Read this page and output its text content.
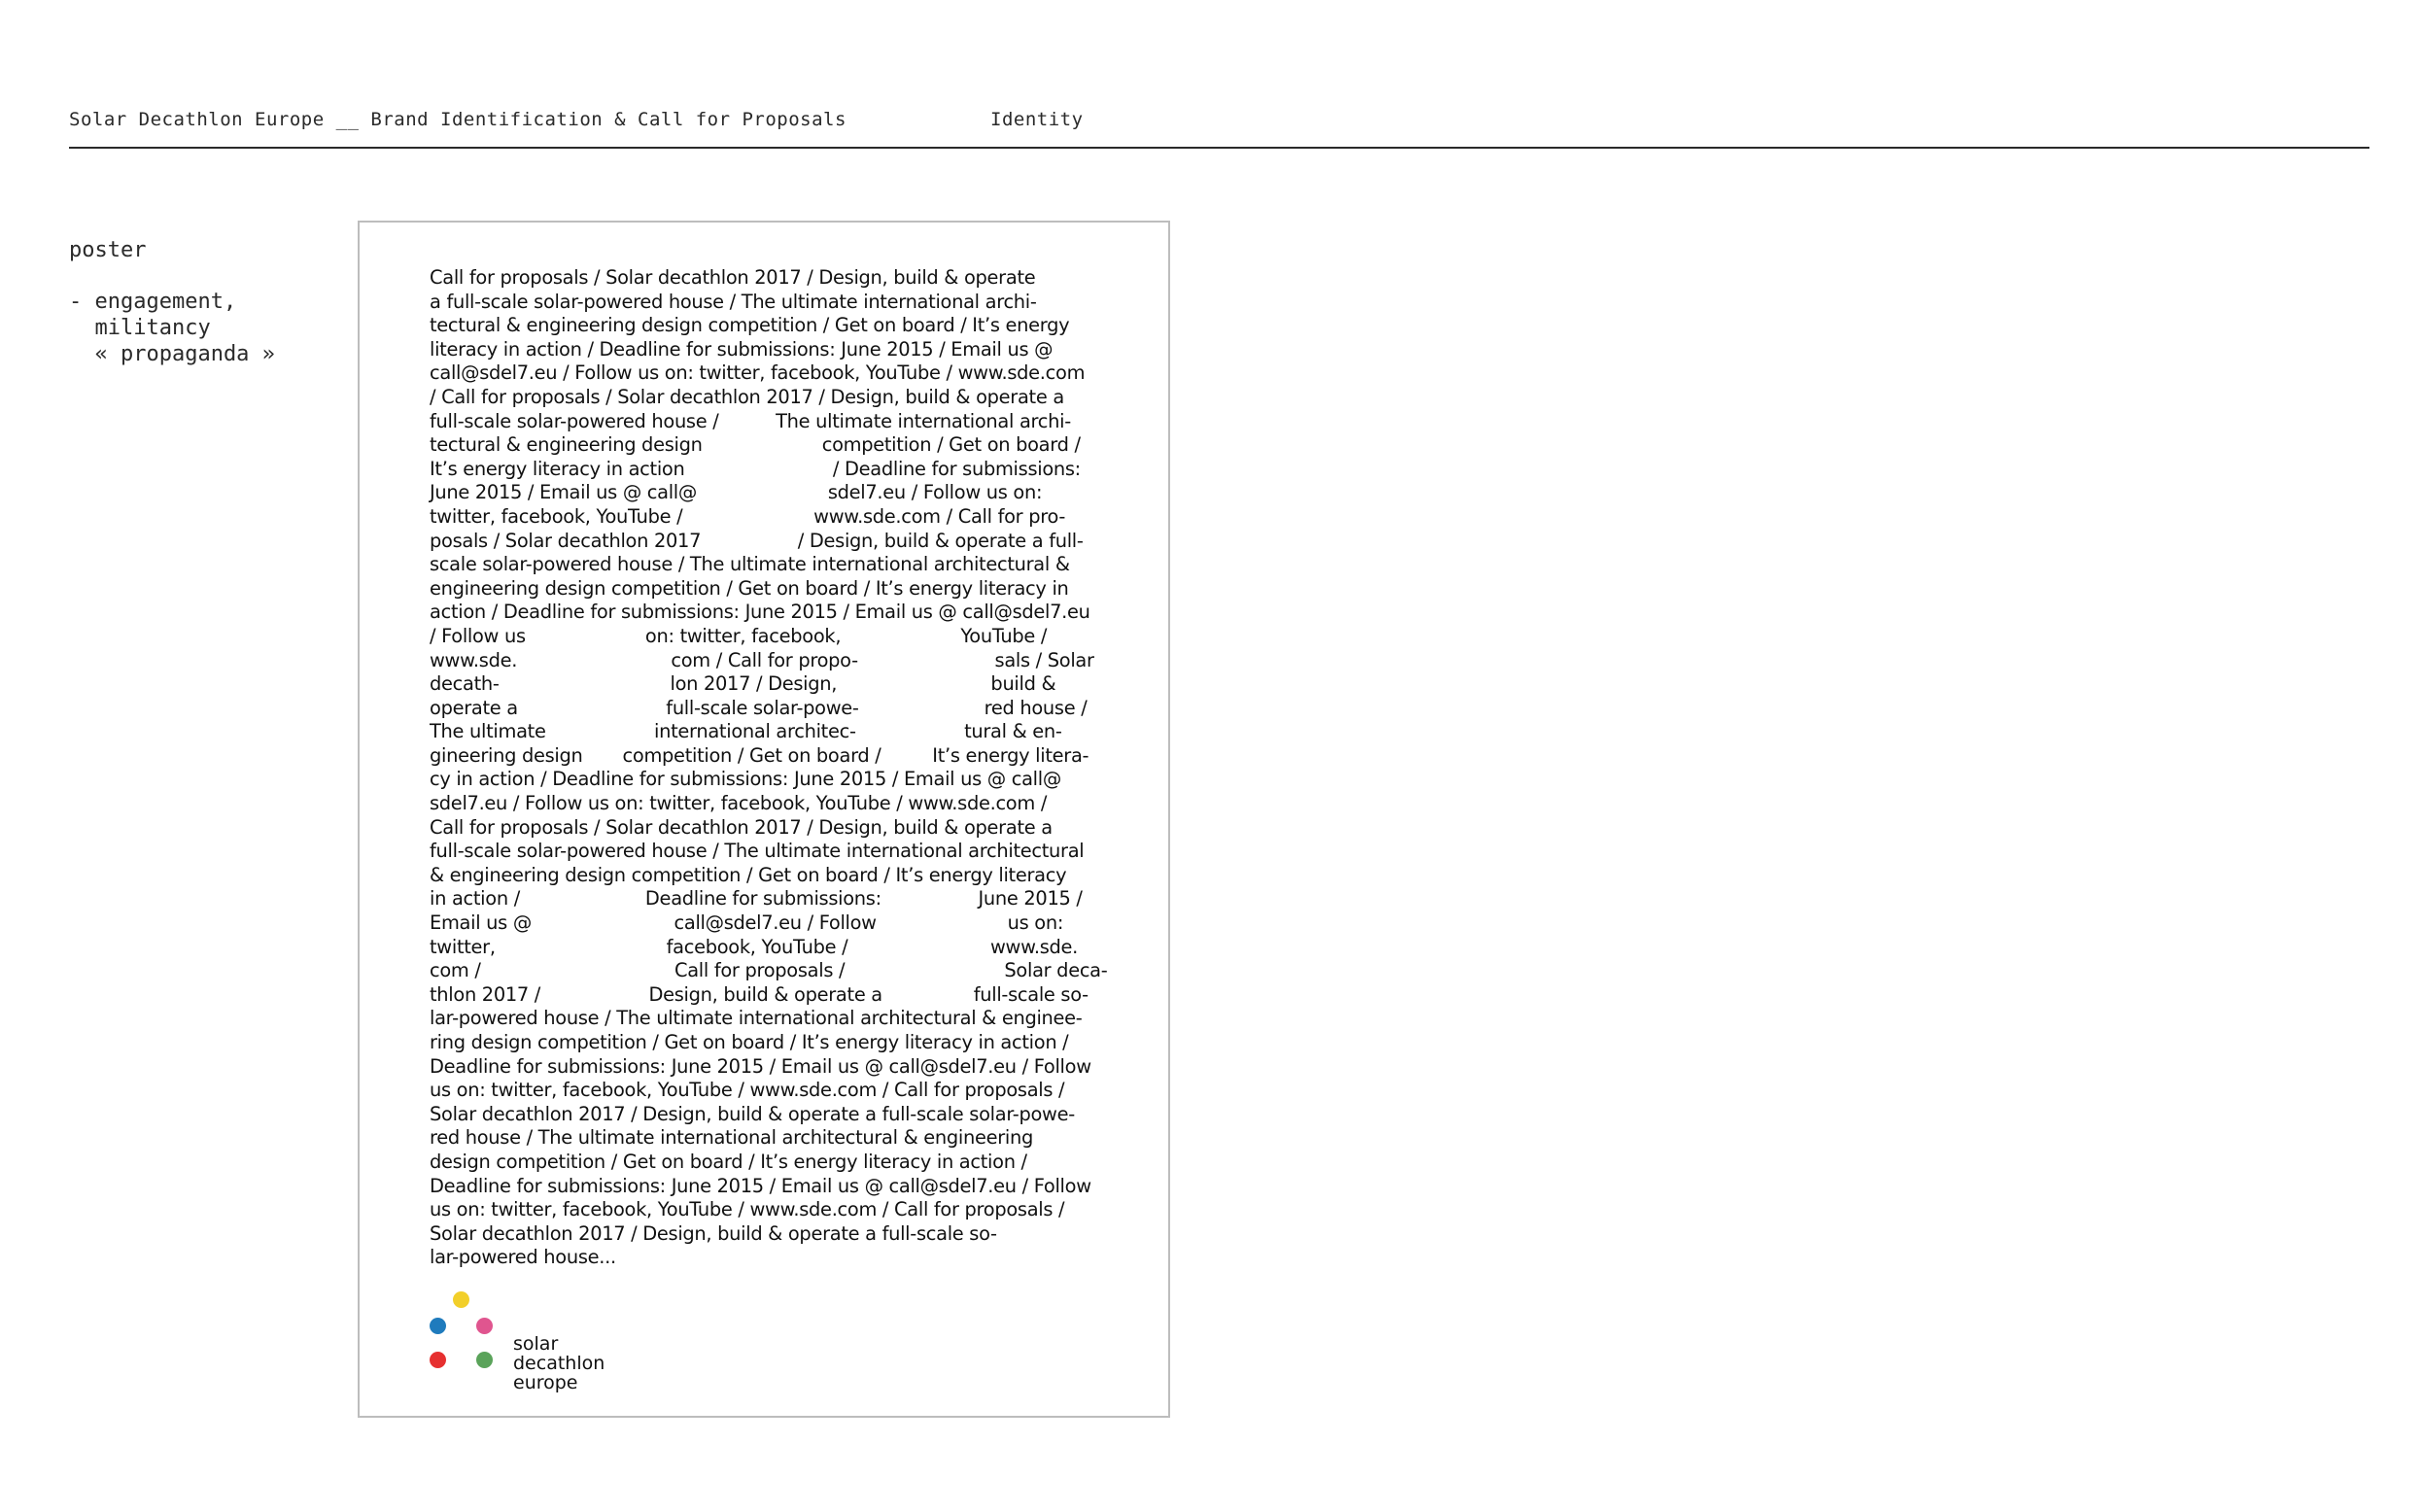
Solar Decathlon Europe __ Brand Identification & Call for Proposals	Identity
poster
- engagement,
militancy
« propaganda »
Call for proposals / Solar decathlon 2017 / Design, build & operate
a full-scale solar-powered house / The ultimate international archi-
tectural & engineering design competition / Get on board / It’s energy
literacy in action / Deadline for submissions: June 2015 / Email us @
call@sdel7.eu / Follow us on: twitter, facebook, YouTube / www.sde.com
/ Call for proposals / Solar decathlon 2017 / Design, build & operate a
full-scale solar-powered house /          The ultimate international archi-
tectural & engineering design                     competition / Get on board /
It’s energy literacy in action                          / Deadline for submissions:
June 2015 / Email us @ call@                       sdel7.eu / Follow us on:
twitter, facebook, YouTube /                       www.sde.com / Call for pro-
posals / Solar decathlon 2017                 / Design, build & operate a full-
scale solar-powered house / The ultimate international architectural &
engineering design competition / Get on board / It’s energy literacy in
action / Deadline for submissions: June 2015 / Email us @ call@sdel7.eu
/ Follow us                     on: twitter, facebook,                     YouTube /
www.sde.                           com / Call for propo-                        sals / Solar
decath-                              lon 2017 / Design,                           build &
operate a                          full-scale solar-powe-                      red house /
The ultimate                   international architec-                   tural & en-
gineering design       competition / Get on board /         It’s energy litera-
cy in action / Deadline for submissions: June 2015 / Email us @ call@
sdel7.eu / Follow us on: twitter, facebook, YouTube / www.sde.com /
Call for proposals / Solar decathlon 2017 / Design, build & operate a
full-scale solar-powered house / The ultimate international architectural
& engineering design competition / Get on board / It’s energy literacy
in action /                      Deadline for submissions:                 June 2015 /
Email us @                         call@sdel7.eu / Follow                       us on:
twitter,                              facebook, YouTube /                         www.sde.
com /                                  Call for proposals /                            Solar deca-
thlon 2017 /                   Design, build & operate a                full-scale so-
lar-powered house / The ultimate international architectural & enginee-
ring design competition / Get on board / It’s energy literacy in action /
Deadline for submissions: June 2015 / Email us @ call@sdel7.eu / Follow
us on: twitter, facebook, YouTube / www.sde.com / Call for proposals /
Solar decathlon 2017 / Design, build & operate a full-scale solar-powe-
red house / The ultimate international architectural & engineering
design competition / Get on board / It’s energy literacy in action /
Deadline for submissions: June 2015 / Email us @ call@sdel7.eu / Follow
us on: twitter, facebook, YouTube / www.sde.com / Call for proposals /
Solar decathlon 2017 / Design, build & operate a full-scale so-
lar-powered house...
solar
decathlon
europe
